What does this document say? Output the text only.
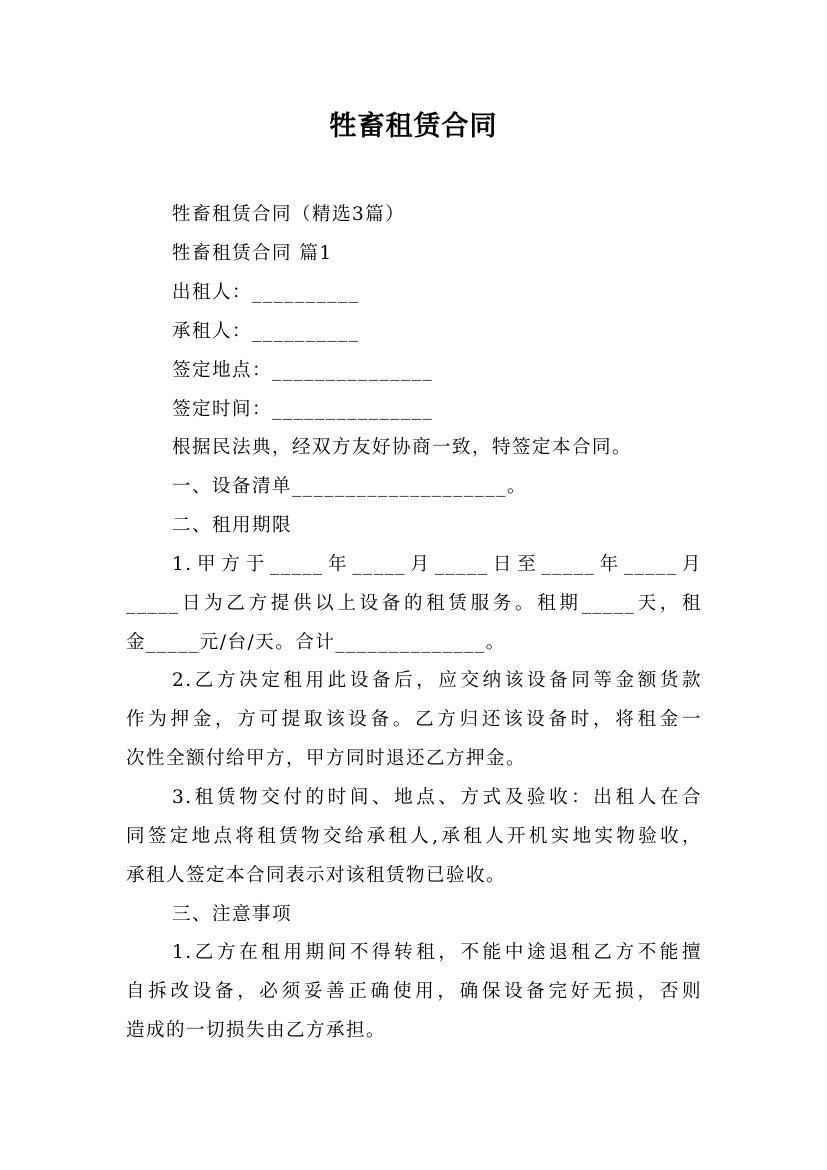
牲畜租赁合同
牲畜租赁合同（精选3篇）
牲畜租赁合同 篇1
出租人：__________
承租人：__________
签定地点：_______________
签定时间：_______________
根据民法典，经双方友好协商一致，特签定本合同。
一、设备清单____________________。
二、租用期限
1.甲方于_____年_____月_____日至_____年_____月
_____日为乙方提供以上设备的租赁服务。租期_____天，租
金_____元/台/天。合计______________。
2.乙方决定租用此设备后，应交纳该设备同等金额货款
作为押金，方可提取该设备。乙方归还该设备时，将租金一
次性全额付给甲方，甲方同时退还乙方押金。
3.租赁物交付的时间、地点、方式及验收：出租人在合
同签定地点将租赁物交给承租人,承租人开机实地实物验收，
承租人签定本合同表示对该租赁物已验收。
三、注意事项
1.乙方在租用期间不得转租，不能中途退租乙方不能擅
自拆改设备，必须妥善正确使用，确保设备完好无损，否则
造成的一切损失由乙方承担。
